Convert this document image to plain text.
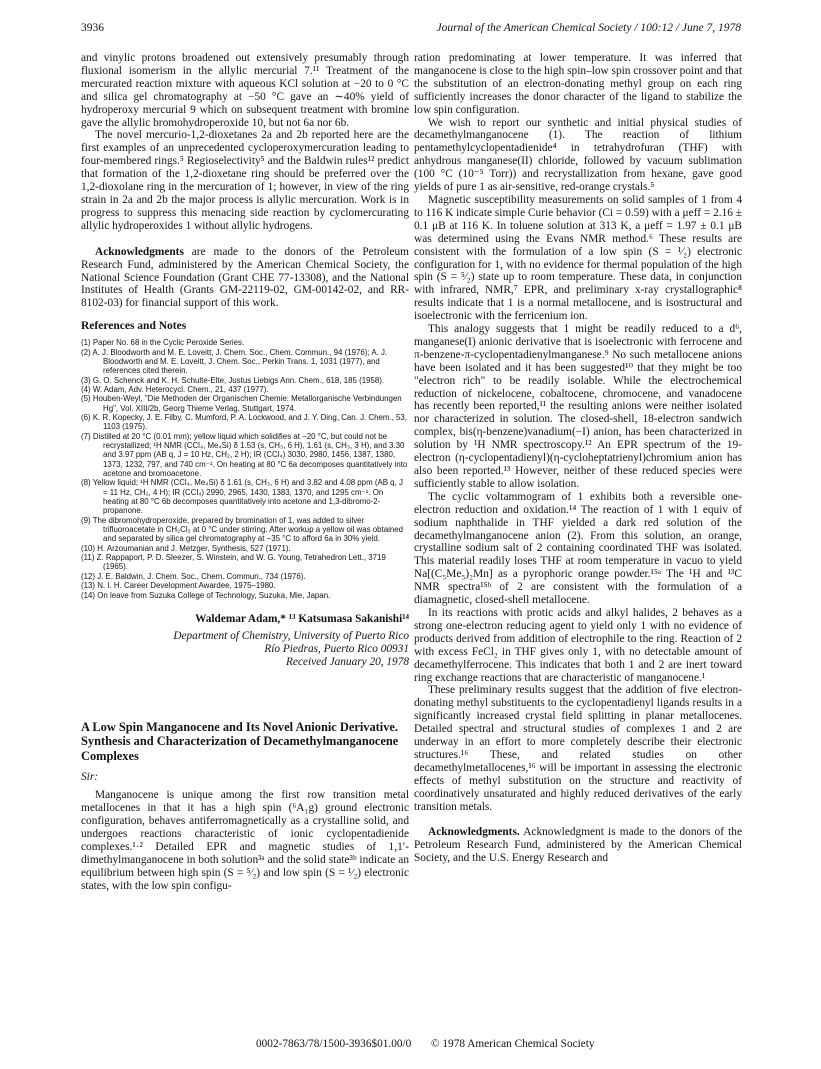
3936	Journal of the American Chemical Society / 100:12 / June 7, 1978

and vinylic protons broadened out extensively presumably through fluxional isomerism in the allylic mercurial 7.¹¹ Treatment of the mercurated reaction mixture with aqueous KCl solution at −20 to 0 °C and silica gel chromatography at −50 °C gave an ∼40% yield of hydroperoxy mercurial 9 which on subsequent treatment with bromine gave the allylic bromohydroperoxide 10, but not 6a nor 6b.

The novel mercurio-1,2-dioxetanes 2a and 2b reported here are the first examples of an unprecedented cycloperoxymercuration leading to four-membered rings.⁵ Regioselectivity⁵ and the Baldwin rules¹² predict that formation of the 1,2-dioxetane ring should be preferred over the 1,2-dioxolane ring in the mercuration of 1; however, in view of the ring strain in 2a and 2b the major process is allylic mercuration. Work is in progress to suppress this menacing side reaction by cyclomercurating allylic hydroperoxides 1 without allylic hydrogens.

Acknowledgments are made to the donors of the Petroleum Research Fund, administered by the American Chemical Society, the National Science Foundation (Grant CHE 77-13308), and the National Institutes of Health (Grants GM-22119-02, GM-00142-02, and RR-8102-03) for financial support of this work.

References and Notes
(1) Paper No. 68 in the Cyclic Peroxide Series.
(2) A. J. Bloodworth and M. E. Loveitt, J. Chem. Soc., Chem. Commun., 94 (1976); A. J. Bloodworth and M. E. Loveitt, J. Chem. Soc., Perkin Trans. 1, 1031 (1977), and references cited therein.
(3) G. O. Schenck and K. H. Schulte-Elte, Justus Liebigs Ann. Chem., 618, 185 (1958).
(4) W. Adam, Adv. Heterocycl. Chem., 21, 437 (1977).
(5) Houben-Weyl, "Die Methoden der Organischen Chemie: Metallorganische Verbindungen Hg", Vol. XIII/2b, Georg Thieme Verlag, Stuttgart, 1974.
(6) K. R. Kopecky, J. E. Filby, C. Mumford, P. A. Lockwood, and J. Y. Ding, Can. J. Chem., 53, 1103 (1975).
(7) Distilled at 20 °C (0.01 mm); yellow liquid which solidifies at −20 °C, but could not be recrystallized; ¹H NMR (CCl₄, Me₄Si) δ 1.53 (s, CH₃, 6 H), 1.61 (s, CH₃, 3 H), and 3.30 and 3.97 ppm (AB q, J = 10 Hz, CH₂, 2 H); IR (CCl₄) 3030, 2980, 1456, 1387, 1380, 1373, 1232, 797, and 740 cm⁻¹. On heating at 80 °C 6a decomposes quantitatively into acetone and bromoacetone.
(8) Yellow liquid; ¹H NMR (CCl₄, Me₄Si) δ 1.61 (s, CH₃, 6 H) and 3.82 and 4.08 ppm (AB q, J = 11 Hz, CH₂, 4 H); IR (CCl₄) 2990, 2965, 1430, 1383, 1370, and 1295 cm⁻¹. On heating at 80 °C 6b decomposes quantitatively into acetone and 1,3-dibromo-2-propanone.
(9) The dibromohydroperoxide, prepared by bromination of 1, was added to silver trifluoroacetate in CH₂Cl₂ at 0 °C under stirring. After workup a yellow oil was obtained and separated by silica gel chromatography at −35 °C to afford 6a in 30% yield.
(10) H. Arzoumanian and J. Metzger, Synthesis, 527 (1971).
(11) Z. Rappaport, P. D. Sleezer, S. Winstein, and W. G. Young, Tetrahedron Lett., 3719 (1965).
(12) J. E. Baldwin, J. Chem. Soc., Chem. Commun., 734 (1976).
(13) N. I. H. Career Development Awardee, 1975–1980.
(14) On leave from Suzuka College of Technology, Suzuka, Mie, Japan.
Waldemar Adam,* ¹³ Katsumasa Sakanishi¹⁴
Department of Chemistry, University of Puerto Rico
Río Piedras, Puerto Rico 00931
Received January 20, 1978
A Low Spin Manganocene and Its Novel Anionic Derivative. Synthesis and Characterization of Decamethylmanganocene Complexes
Sir:

Manganocene is unique among the first row transition metal metallocenes in that it has a high spin (⁶A₁g) ground electronic configuration, behaves antiferromagnetically as a crystalline solid, and undergoes reactions characteristic of ionic cyclopentadienide complexes.¹·² Detailed EPR and magnetic studies of 1,1′-dimethylmanganocene in both solution³ᵃ and the solid state³ᵇ indicate an equilibrium between high spin (S = ⁵⁄₂) and low spin (S = ¹⁄₂) electronic states, with the low spin configu-

ration predominating at lower temperature. It was inferred that manganocene is close to the high spin–low spin crossover point and that the substitution of an electron-donating methyl group on each ring sufficiently increases the donor character of the ligand to stabilize the low spin configuration.

We wish to report our synthetic and initial physical studies of decamethylmanganocene (1). The reaction of lithium pentamethylcyclopentadienide⁴ in tetrahydrofuran (THF) with anhydrous manganese(II) chloride, followed by vacuum sublimation (100 °C (10⁻⁵ Torr)) and recrystallization from hexane, gave good yields of pure 1 as air-sensitive, red-orange crystals.⁵

Magnetic susceptibility measurements on solid samples of 1 from 4 to 116 K indicate simple Curie behavior (Ci = 0.59) with a μeff = 2.16 ± 0.1 μB at 116 K. In toluene solution at 313 K, a μeff = 1.97 ± 0.1 μB was determined using the Evans NMR method.⁶ These results are consistent with the formulation of a low spin (S = ¹⁄₂) electronic configuration for 1, with no evidence for thermal population of the high spin (S = ⁵⁄₂) state up to room temperature. These data, in conjunction with infrared, NMR,⁷ EPR, and preliminary x-ray crystallographic⁸ results indicate that 1 is a normal metallocene, and is isostructural and isoelectronic with the ferricenium ion.

This analogy suggests that 1 might be readily reduced to a d⁶, manganese(I) anionic derivative that is isoelectronic with ferrocene and π-benzene-π-cyclopentadienylmanganese.⁹ No such metallocene anions have been isolated and it has been suggested¹⁰ that they might be too "electron rich" to be readily isolable. While the electrochemical reduction of nickelocene, cobaltocene, chromocene, and vanadocene has recently been reported,¹¹ the resulting anions were neither isolated nor characterized in solution. The closed-shell, 18-electron sandwich complex, bis(η-benzene)vanadium(−I) anion, has been characterized in solution by ¹H NMR spectroscopy.¹² An EPR spectrum of the 19-electron (η-cyclopentadienyl)(η-cycloheptatrienyl)chromium anion has also been reported.¹³ However, neither of these reduced species were sufficiently stable to allow isolation.

The cyclic voltammogram of 1 exhibits both a reversible one-electron reduction and oxidation.¹⁴ The reaction of 1 with 1 equiv of sodium naphthalide in THF yielded a dark red solution of the decamethylmanganocene anion (2). From this solution, an orange, crystalline sodium salt of 2 containing coordinated THF was isolated. This material readily loses THF at room temperature in vacuo to yield Na[(C₅Me₅)₂Mn] as a pyrophoric orange powder.¹⁵ᵃ The ¹H and ¹³C NMR spectra¹⁵ᵇ of 2 are consistent with the formulation of a diamagnetic, closed-shell metallocene.

In its reactions with protic acids and alkyl halides, 2 behaves as a strong one-electron reducing agent to yield only 1 with no evidence of products derived from addition of electrophile to the ring. Reaction of 2 with excess FeCl₂ in THF gives only 1, with no detectable amount of decamethylferrocene. This indicates that both 1 and 2 are inert toward ring exchange reactions that are characteristic of manganocene.¹

These preliminary results suggest that the addition of five electron-donating methyl substituents to the cyclopentadienyl ligands results in a significantly increased crystal field splitting in planar metallocenes. Detailed spectral and structural studies of complexes 1 and 2 are underway in an effort to more completely describe their electronic structures.¹⁶ These, and related studies on other decamethylmetallocenes,¹⁶ will be important in assessing the electronic effects of methyl substitution on the structure and reactivity of coordinatively unsaturated and highly reduced derivatives of the early transition metals.

Acknowledgments. Acknowledgment is made to the donors of the Petroleum Research Fund, administered by the American Chemical Society, and the U.S. Energy Research and

0002-7863/78/1500-3936$01.00/0 © 1978 American Chemical Society
